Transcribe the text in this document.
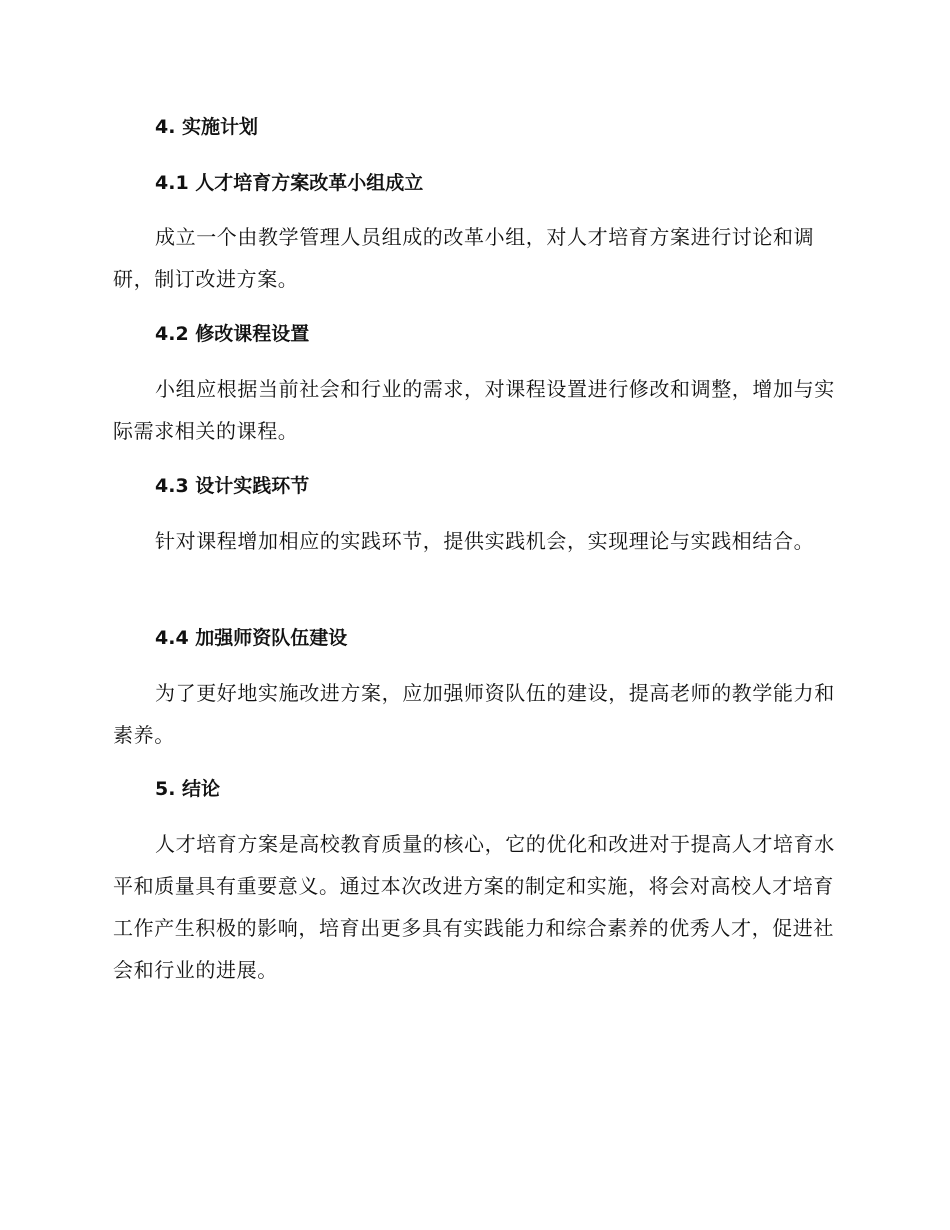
4. 实施计划
4.1 人才培育方案改革小组成立

成立一个由教学管理人员组成的改革小组，对人才培育方案进行讨论和调研，制订改进方案。

4.2 修改课程设置

小组应根据当前社会和行业的需求，对课程设置进行修改和调整，增加与实际需求相关的课程。

4.3 设计实践环节

针对课程增加相应的实践环节，提供实践机会，实现理论与实践相结合。

4.4 加强师资队伍建设

为了更好地实施改进方案，应加强师资队伍的建设，提高老师的教学能力和素养。

5. 结论

人才培育方案是高校教育质量的核心，它的优化和改进对于提高人才培育水平和质量具有重要意义。通过本次改进方案的制定和实施，将会对高校人才培育工作产生积极的影响，培育出更多具有实践能力和综合素养的优秀人才，促进社会和行业的进展。
